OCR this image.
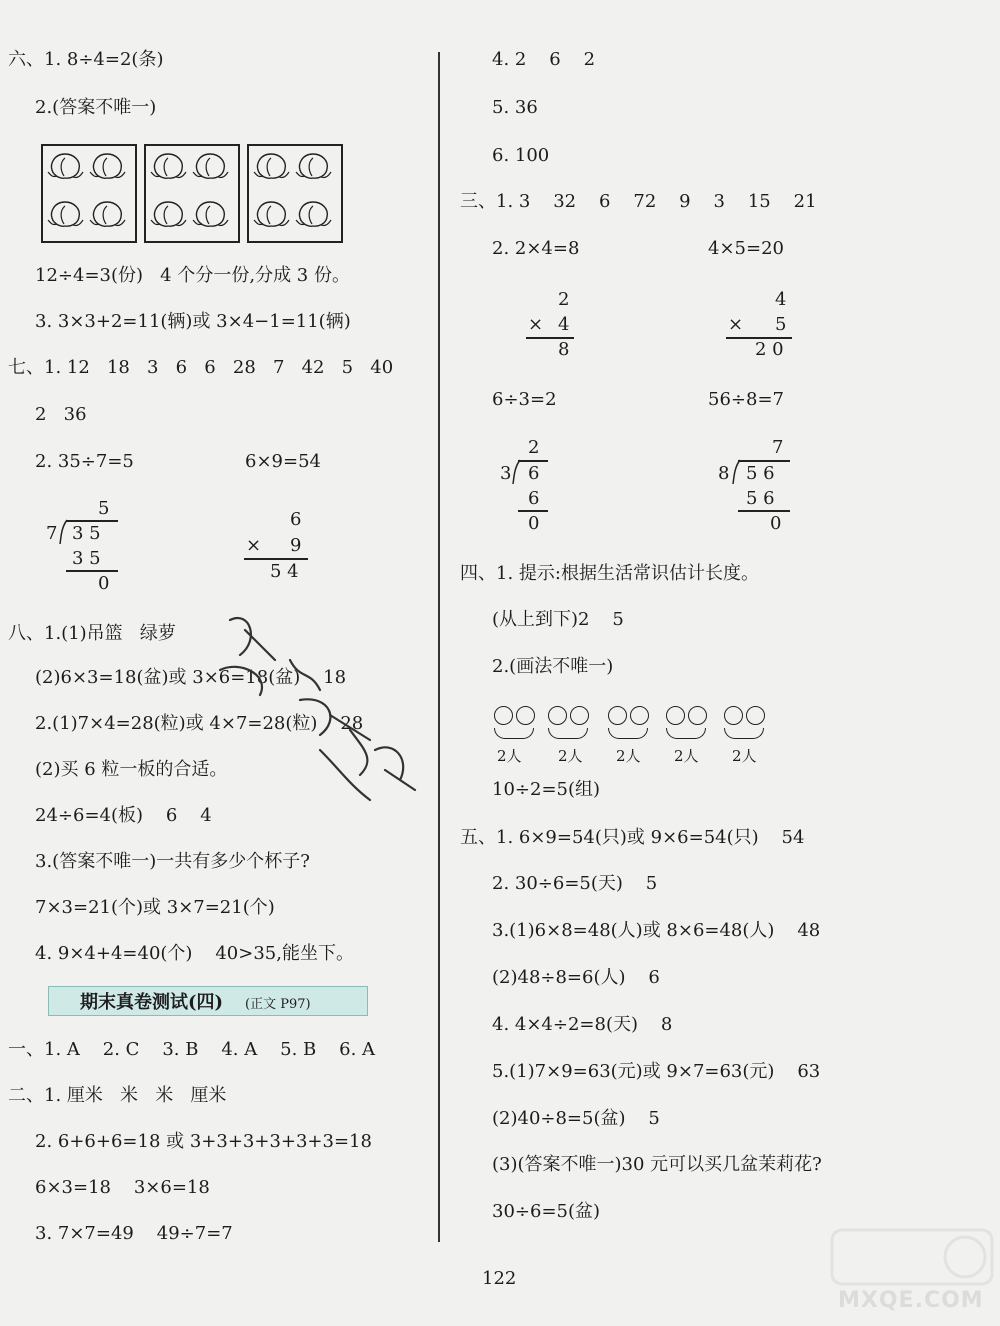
六、1. 8÷4=2(条)
2.(答案不唯一)
12÷4=3(份)   4 个分一份,分成 3 份。
3. 3×3+2=11(辆)或 3×4−1=11(辆)
七、1. 12   18   3   6   6   28   7   42   5   40
2   36
2. 35÷7=5	6×9=54
5
7 3 5
3 5
0
6
× 9
5 4
八、1.(1)吊篮   绿萝
(2)6×3=18(盆)或 3×6=18(盆)    18
2.(1)7×4=28(粒)或 4×7=28(粒)    28
(2)买 6 粒一板的合适。
24÷6=4(板)    6    4
3.(答案不唯一)一共有多少个杯子?
7×3=21(个)或 3×7=21(个)
4. 9×4+4=40(个)    40>35,能坐下。
期末真卷测试(四) (正文 P97)
一、1. A    2. C    3. B    4. A    5. B    6. A
二、1. 厘米   米   米   厘米
2. 6+6+6=18 或 3+3+3+3+3+3=18
6×3=18    3×6=18
3. 7×7=49    49÷7=7
4. 2    6    2
5. 36
6. 100
三、1. 3    32    6    72    9    3    15    21
2. 2×4=8	4×5=20
2
× 4
8
4
× 5
2 0
6÷3=2	56÷8=7
2
3 6
6
0
7
8 5 6
5 6
0
四、1. 提示:根据生活常识估计长度。
(从上到下)2    5
2.(画法不唯一)
2人 2人 2人 2人 2人
10÷2=5(组)
五、1. 6×9=54(只)或 9×6=54(只)    54
2. 30÷6=5(天)    5
3.(1)6×8=48(人)或 8×6=48(人)    48
(2)48÷8=6(人)    6
4. 4×4÷2=8(天)    8
5.(1)7×9=63(元)或 9×7=63(元)    63
(2)40÷8=5(盆)    5
(3)(答案不唯一)30 元可以买几盆茉莉花?
30÷6=5(盆)
122
MXQE.COM
